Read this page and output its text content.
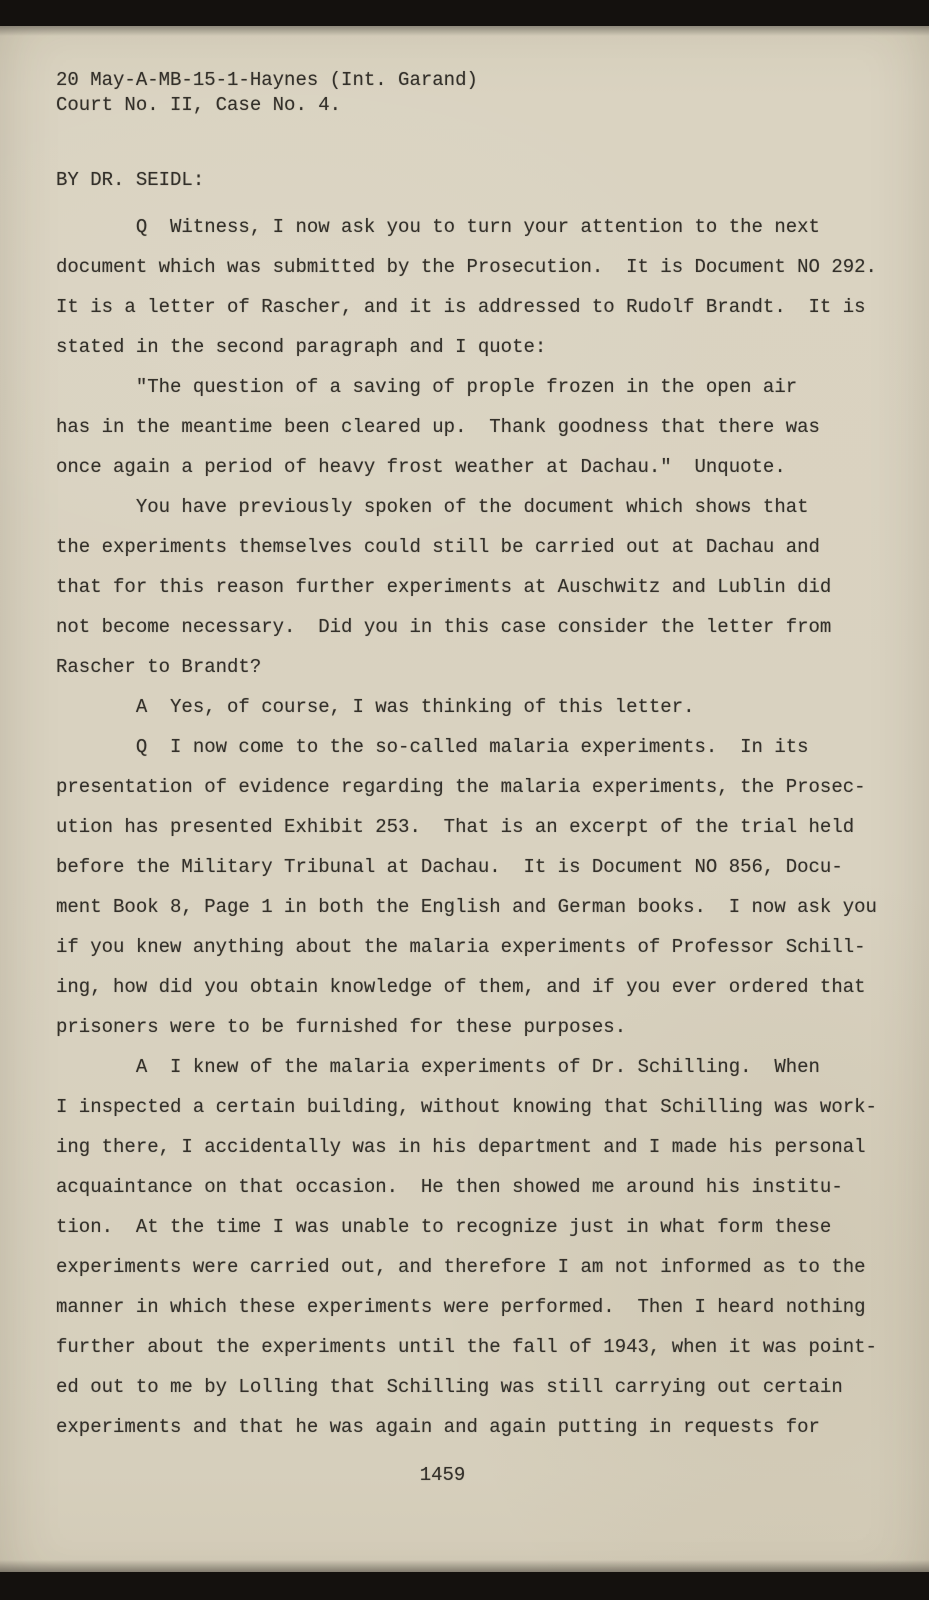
20 May-A-MB-15-1-Haynes (Int. Garand)
Court No. II, Case No. 4.
BY DR. SEIDL:
Q  Witness, I now ask you to turn your attention to the next
document which was submitted by the Prosecution.  It is Document NO 292.
It is a letter of Rascher, and it is addressed to Rudolf Brandt.  It is
stated in the second paragraph and I quote:
"The question of a saving of prople frozen in the open air
has in the meantime been cleared up.  Thank goodness that there was
once again a period of heavy frost weather at Dachau."  Unquote.
You have previously spoken of the document which shows that
the experiments themselves could still be carried out at Dachau and
that for this reason further experiments at Auschwitz and Lublin did
not become necessary.  Did you in this case consider the letter from
Rascher to Brandt?
A  Yes, of course, I was thinking of this letter.
Q  I now come to the so-called malaria experiments.  In its
presentation of evidence regarding the malaria experiments, the Prosec-
ution has presented Exhibit 253.  That is an excerpt of the trial held
before the Military Tribunal at Dachau.  It is Document NO 856, Docu-
ment Book 8, Page 1 in both the English and German books.  I now ask you
if you knew anything about the malaria experiments of Professor Schill-
ing, how did you obtain knowledge of them, and if you ever ordered that
prisoners were to be furnished for these purposes.
A  I knew of the malaria experiments of Dr. Schilling.  When
I inspected a certain building, without knowing that Schilling was work-
ing there, I accidentally was in his department and I made his personal
acquaintance on that occasion.  He then showed me around his institu-
tion.  At the time I was unable to recognize just in what form these
experiments were carried out, and therefore I am not informed as to the
manner in which these experiments were performed.  Then I heard nothing
further about the experiments until the fall of 1943, when it was point-
ed out to me by Lolling that Schilling was still carrying out certain
experiments and that he was again and again putting in requests for
1459
